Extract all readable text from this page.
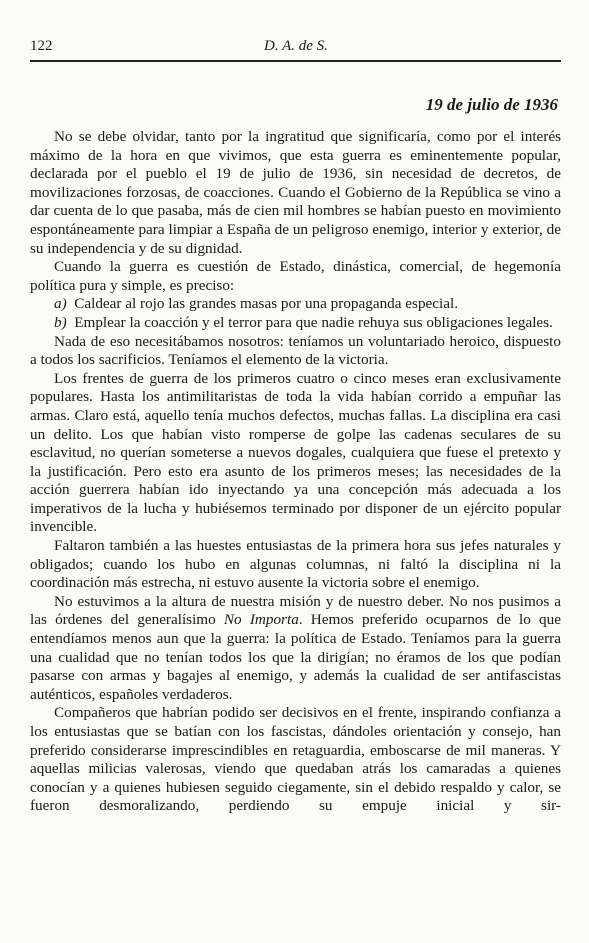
122	D. A. de S.
19 de julio de 1936

No se debe olvidar, tanto por la ingratitud que significaría, como por el interés máximo de la hora en que vivimos, que esta guerra es eminentemente popular, declarada por el pueblo el 19 de julio de 1936, sin necesidad de decretos, de movilizaciones forzosas, de coacciones. Cuando el Gobierno de la República se vino a dar cuenta de lo que pasaba, más de cien mil hombres se habían puesto en movimiento espontáneamente para limpiar a España de un peligroso enemigo, interior y exterior, de su independencia y de su dignidad.

Cuando la guerra es cuestión de Estado, dinástica, comercial, de hegemonía política pura y simple, es preciso:

a) Caldear al rojo las grandes masas por una propaganda especial.

b) Emplear la coacción y el terror para que nadie rehuya sus obligaciones legales.

Nada de eso necesitábamos nosotros: teníamos un voluntariado heroico, dispuesto a todos los sacrificios. Teníamos el elemento de la victoria.

Los frentes de guerra de los primeros cuatro o cinco meses eran exclusivamente populares. Hasta los antimilitaristas de toda la vida habían corrido a empuñar las armas. Claro está, aquello tenía muchos defectos, muchas fallas. La disciplina era casi un delito. Los que habían visto romperse de golpe las cadenas seculares de su esclavitud, no querían someterse a nuevos dogales, cualquiera que fuese el pretexto y la justificación. Pero esto era asunto de los primeros meses; las necesidades de la acción guerrera habían ido inyectando ya una concepción más adecuada a los imperativos de la lucha y hubiésemos terminado por disponer de un ejército popular invencible.

Faltaron también a las huestes entusiastas de la primera hora sus jefes naturales y obligados; cuando los hubo en algunas columnas, ni faltó la disciplina ni la coordinación más estrecha, ni estuvo ausente la victoria sobre el enemigo.

No estuvimos a la altura de nuestra misión y de nuestro deber. No nos pusimos a las órdenes del generalísimo No Importa. Hemos preferido ocuparnos de lo que entendíamos menos aun que la guerra: la política de Estado. Teníamos para la guerra una cualidad que no tenían todos los que la dirigían; no éramos de los que podían pasarse con armas y bagajes al enemigo, y además la cualidad de ser antifascistas auténticos, españoles verdaderos.

Compañeros que habrían podido ser decisivos en el frente, inspirando confianza a los entusiastas que se batían con los fascistas, dándoles orientación y consejo, han preferido considerarse imprescindibles en retaguardia, emboscarse de mil maneras. Y aquellas milicias valerosas, viendo que quedaban atrás los camaradas a quienes conocían y a quienes hubiesen seguido ciegamente, sin el debido respaldo y calor, se fueron desmoralizando, perdiendo su empuje inicial y sir-
